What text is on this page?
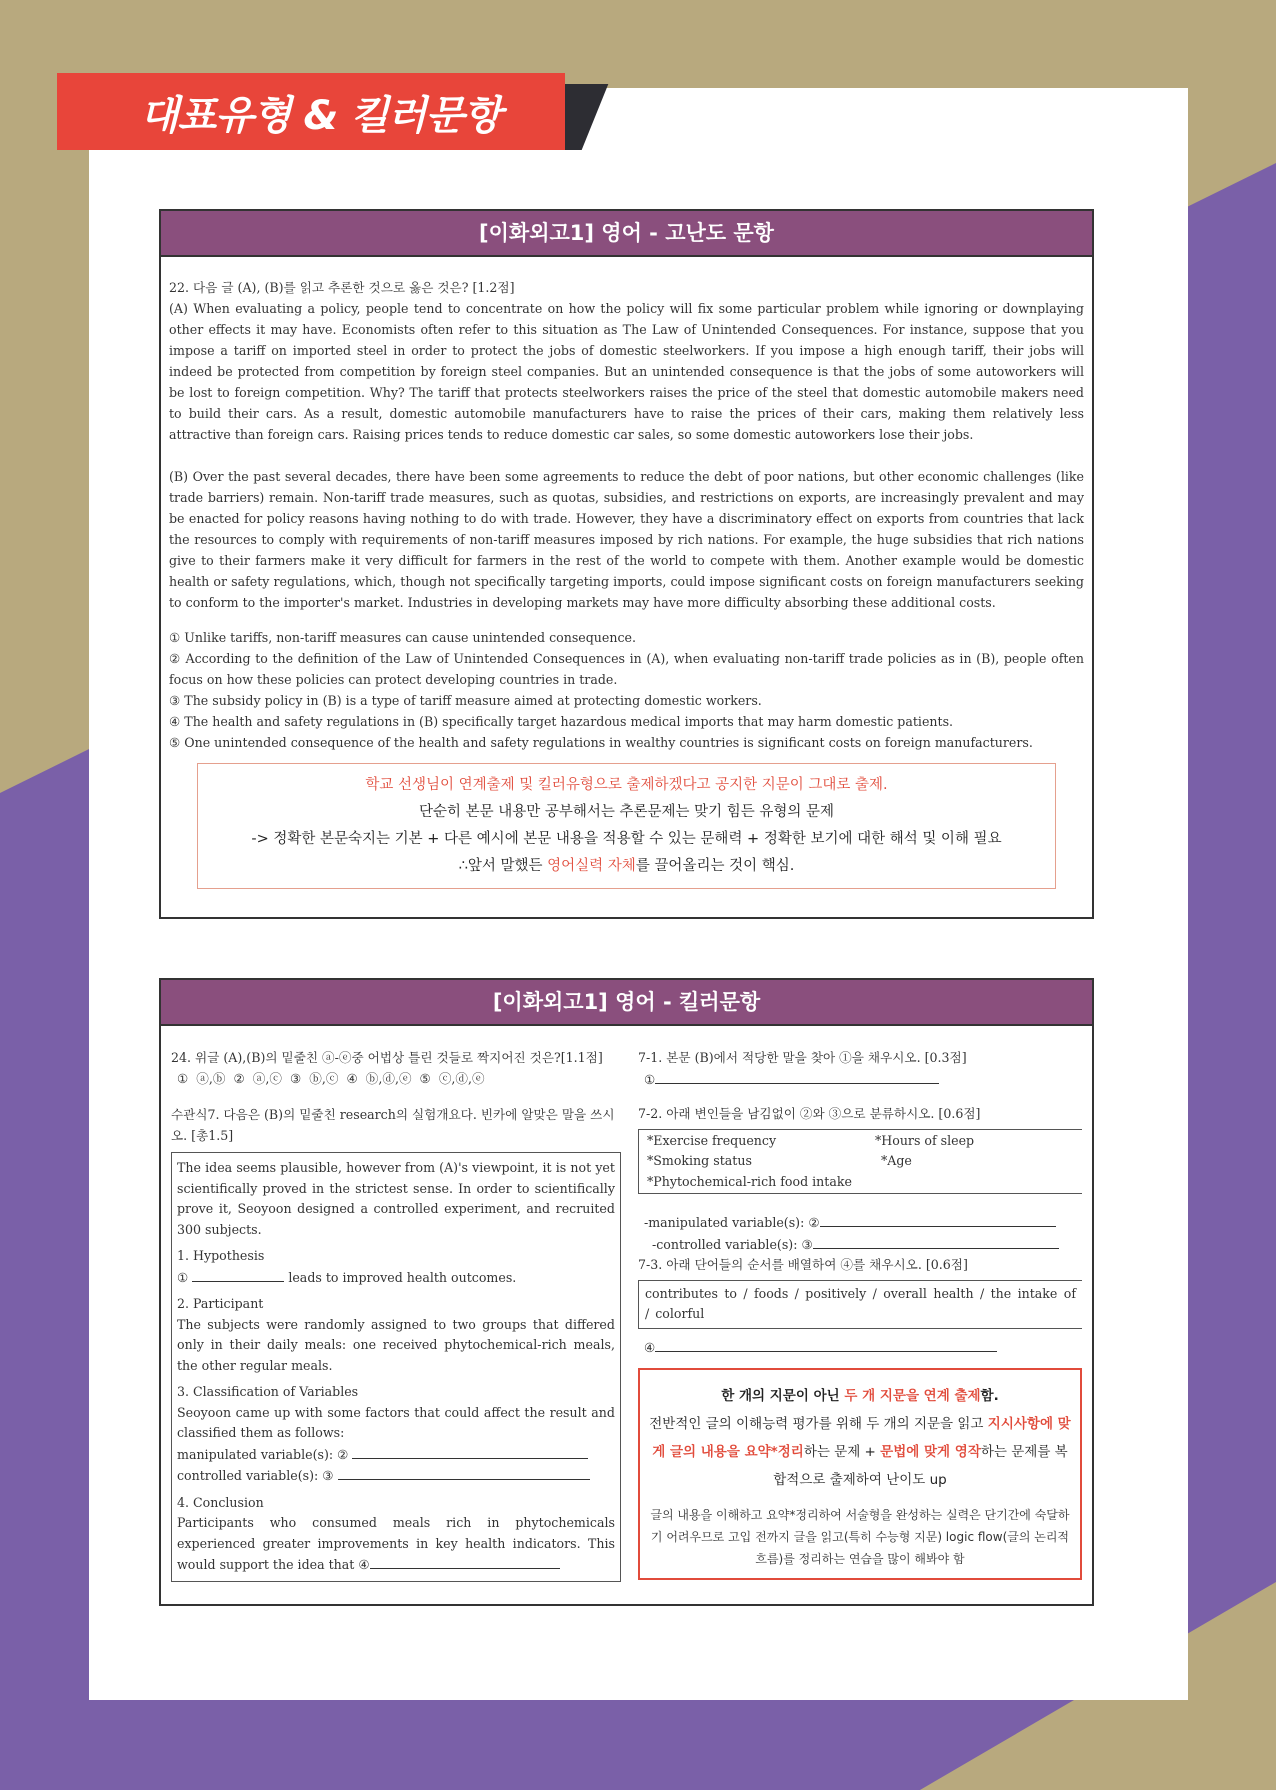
대표유형 & 킬러문항
[이화외고1] 영어 - 고난도 문항

22. 다음 글 (A), (B)를 읽고 추론한 것으로 옳은 것은? [1.2점]

(A) When evaluating a policy, people tend to concentrate on how the policy will fix some particular problem while ignoring or downplaying other effects it may have. Economists often refer to this situation as The Law of Unintended Consequences. For instance, suppose that you impose a tariff on imported steel in order to protect the jobs of domestic steelworkers. If you impose a high enough tariff, their jobs will indeed be protected from competition by foreign steel companies. But an unintended consequence is that the jobs of some autoworkers will be lost to foreign competition. Why? The tariff that protects steelworkers raises the price of the steel that domestic automobile makers need to build their cars. As a result, domestic automobile manufacturers have to raise the prices of their cars, making them relatively less attractive than foreign cars. Raising prices tends to reduce domestic car sales, so some domestic autoworkers lose their jobs.

(B) Over the past several decades, there have been some agreements to reduce the debt of poor nations, but other economic challenges (like trade barriers) remain. Non-tariff trade measures, such as quotas, subsidies, and restrictions on exports, are increasingly prevalent and may be enacted for policy reasons having nothing to do with trade. However, they have a discriminatory effect on exports from countries that lack the resources to comply with requirements of non-tariff measures imposed by rich nations. For example, the huge subsidies that rich nations give to their farmers make it very difficult for farmers in the rest of the world to compete with them. Another example would be domestic health or safety regulations, which, though not specifically targeting imports, could impose significant costs on foreign manufacturers seeking to conform to the importer's market. Industries in developing markets may have more difficulty absorbing these additional costs.

① Unlike tariffs, non-tariff measures can cause unintended consequence.
② According to the definition of the Law of Unintended Consequences in (A), when evaluating non-tariff trade policies as in (B), people often focus on how these policies can protect developing countries in trade.
③ The subsidy policy in (B) is a type of tariff measure aimed at protecting domestic workers.
④ The health and safety regulations in (B) specifically target hazardous medical imports that may harm domestic patients.
⑤ One unintended consequence of the health and safety regulations in wealthy countries is significant costs on foreign manufacturers.
학교 선생님이 연계출제 및 킬러유형으로 출제하겠다고 공지한 지문이 그대로 출제.
단순히 본문 내용만 공부해서는 추론문제는 맞기 힘든 유형의 문제
-> 정확한 본문숙지는 기본 + 다른 예시에 본문 내용을 적용할 수 있는 문해력 + 정확한 보기에 대한 해석 및 이해 필요
∴앞서 말했든 영어실력 자체를 끌어올리는 것이 핵심.
[이화외고1] 영어 - 킬러문항
24. 위글 (A),(B)의 밑줄친 ⓐ-ⓔ중 어법상 틀린 것들로 짝지어진 것은?[1.1점]
① ⓐ,ⓑ ② ⓐ,ⓒ ③ ⓑ,ⓒ ④ ⓑ,ⓓ,ⓔ ⑤ ⓒ,ⓓ,ⓔ
수관식7. 다음은 (B)의 밑줄친 research의 실험개요다. 빈카에 알맞은 말을 쓰시오. [총1.5]

The idea seems plausible, however from (A)'s viewpoint, it is not yet scientifically proved in the strictest sense. In order to scientifically prove it, Seoyoon designed a controlled experiment, and recruited 300 subjects.

1. Hypothesis

①	leads to improved health outcomes.

2. Participant

The subjects were randomly assigned to two groups that differed only in their daily meals: one received phytochemical-rich meals, the other regular meals.

3. Classification of Variables

Seoyoon came up with some factors that could affect the result and classified them as follows:

manipulated variable(s): ②

controlled variable(s): ③

4. Conclusion

Participants who consumed meals rich in phytochemicals experienced greater improvements in key health indicators. This would support the idea that ④

7-1. 본문 (B)에서 적당한 말을 찾아 ①을 채우시오. [0.3점]
①
7-2. 아래 변인들을 남김없이 ②와 ③으로 분류하시오. [0.6점]
*Exercise frequency	*Hours of sleep
*Smoking status	*Age
*Phytochemical-rich food intake
-manipulated variable(s): ②
-controlled variable(s): ③
7-3. 아래 단어들의 순서를 배열하여 ④를 채우시오. [0.6점]
contributes to / foods / positively / overall health / the intake of / colorful
④
한 개의 지문이 아닌 두 개 지문을 연계 출제함.
전반적인 글의 이해능력 평가를 위해 두 개의 지문을 읽고 지시사항에 맞게 글의 내용을 요약*정리하는 문제 + 문법에 맞게 영작하는 문제를 복합적으로 출제하여 난이도 up
글의 내용을 이해하고 요약*정리하여 서술형을 완성하는 실력은 단기간에 숙달하기 어려우므로 고입 전까지 글을 읽고(특히 수능형 지문) logic flow(글의 논리적 흐름)를 정리하는 연습을 많이 해봐야 함
